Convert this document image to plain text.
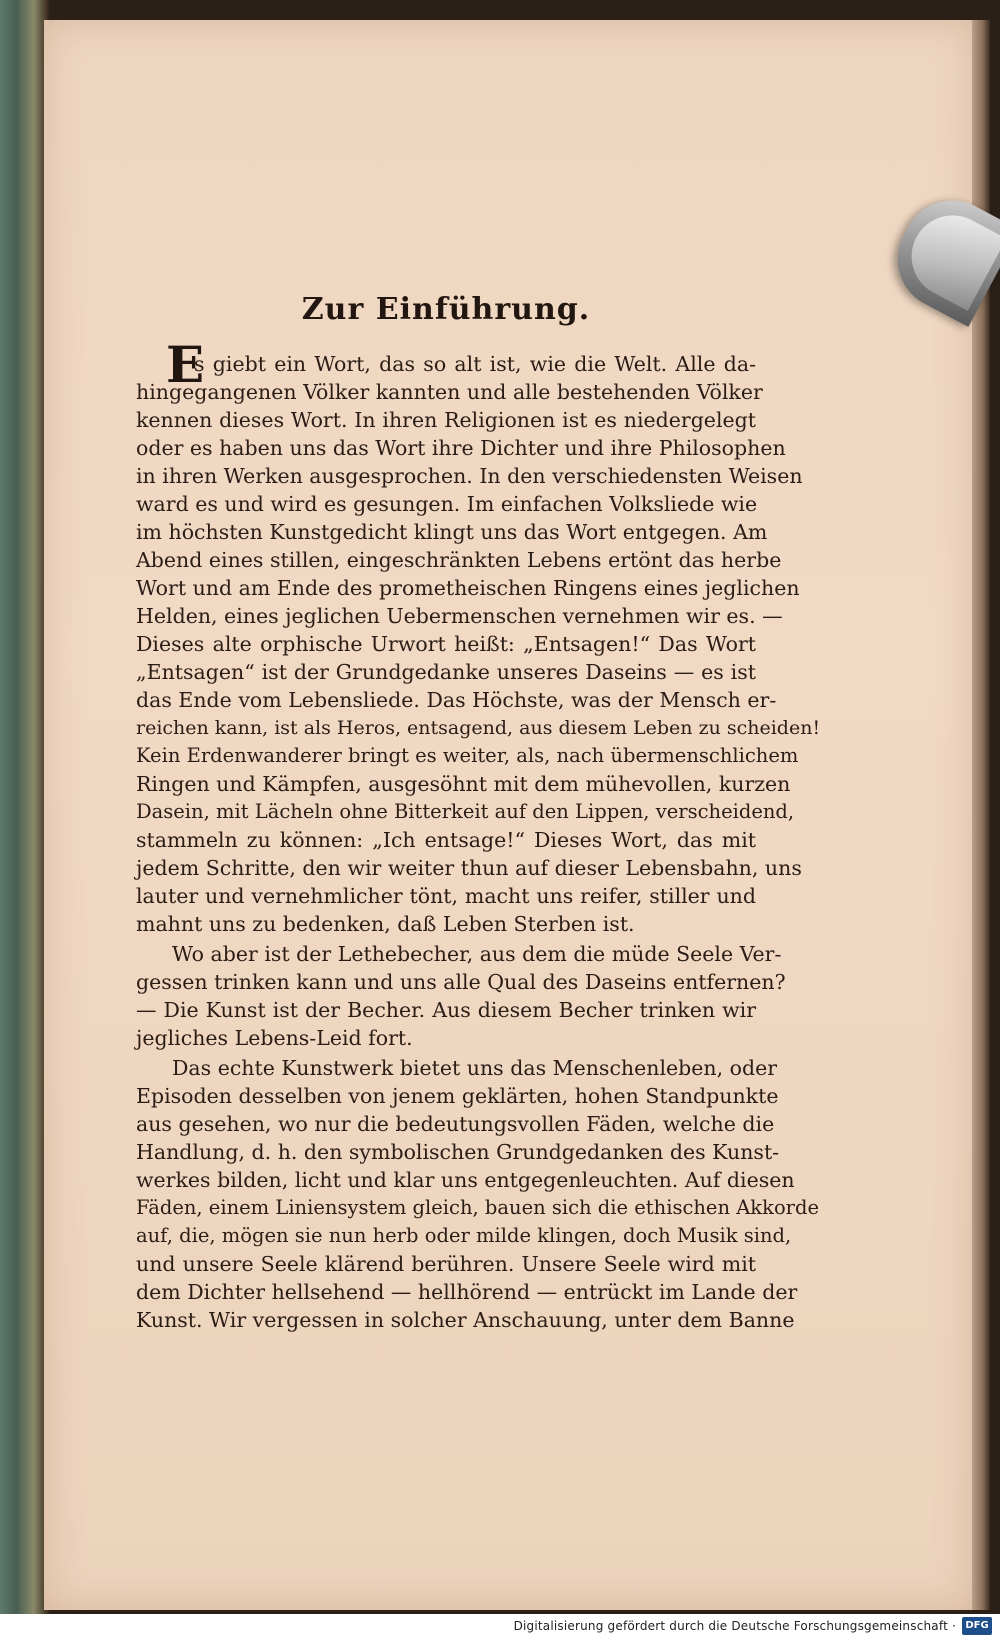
Zur Einführung.
E
s giebt ein Wort, das so alt ist, wie die Welt. Alle da-
hingegangenen Völker kannten und alle bestehenden Völker
kennen dieses Wort. In ihren Religionen ist es niedergelegt
oder es haben uns das Wort ihre Dichter und ihre Philosophen
in ihren Werken ausgesprochen. In den verschiedensten Weisen
ward es und wird es gesungen. Im einfachen Volksliede wie
im höchsten Kunstgedicht klingt uns das Wort entgegen. Am
Abend eines stillen, eingeschränkten Lebens ertönt das herbe
Wort und am Ende des prometheischen Ringens eines jeglichen
Helden, eines jeglichen Uebermenschen vernehmen wir es. —
Dieses alte orphische Urwort heißt: „Entsagen!“ Das Wort
„Entsagen“ ist der Grundgedanke unseres Daseins — es ist
das Ende vom Lebensliede. Das Höchste, was der Mensch er-
reichen kann, ist als Heros, entsagend, aus diesem Leben zu scheiden!
Kein Erdenwanderer bringt es weiter, als, nach übermenschlichem
Ringen und Kämpfen, ausgesöhnt mit dem mühevollen, kurzen
Dasein, mit Lächeln ohne Bitterkeit auf den Lippen, verscheidend,
stammeln zu können: „Ich entsage!“ Dieses Wort, das mit
jedem Schritte, den wir weiter thun auf dieser Lebensbahn, uns
lauter und vernehmlicher tönt, macht uns reifer, stiller und
mahnt uns zu bedenken, daß Leben Sterben ist.
Wo aber ist der Lethebecher, aus dem die müde Seele Ver-
gessen trinken kann und uns alle Qual des Daseins entfernen?
— Die Kunst ist der Becher. Aus diesem Becher trinken wir
jegliches Lebens-Leid fort.
Das echte Kunstwerk bietet uns das Menschenleben, oder
Episoden desselben von jenem geklärten, hohen Standpunkte
aus gesehen, wo nur die bedeutungsvollen Fäden, welche die
Handlung, d. h. den symbolischen Grundgedanken des Kunst-
werkes bilden, licht und klar uns entgegenleuchten. Auf diesen
Fäden, einem Liniensystem gleich, bauen sich die ethischen Akkorde
auf, die, mögen sie nun herb oder milde klingen, doch Musik sind,
und unsere Seele klärend berühren. Unsere Seele wird mit
dem Dichter hellsehend — hellhörend — entrückt im Lande der
Kunst. Wir vergessen in solcher Anschauung, unter dem Banne
Digitalisierung gefördert durch die Deutsche Forschungsgemeinschaft · DFG
